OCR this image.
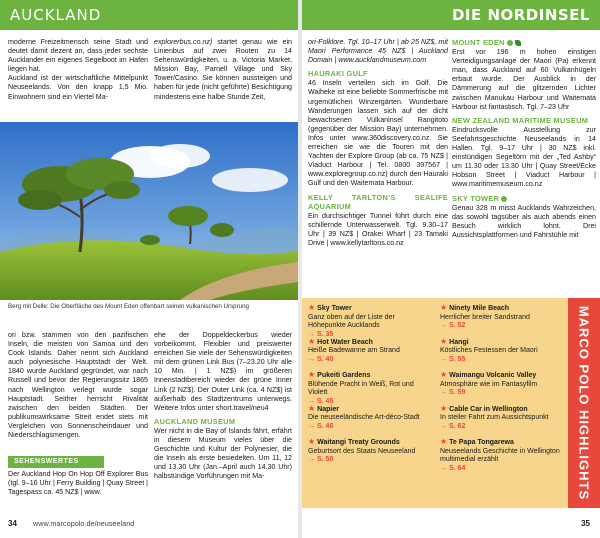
AUCKLAND

moderne Freizeitmensch seine Stadt und deutet damit dezent an, dass jeder sechste Aucklander ein eigenes Segelboot im Hafen liegen hat.

Auckland ist der wirtschaftliche Mittelpunkt Neuseelands. Von den knapp 1,5 Mio. Einwohnern sind ein Viertel Ma-

explorerbus.co.nz) startet genau wie ein Linienbus auf zwei Routen zu 14 Sehenswürdigkeiten, u. a. Victoria Market, Mission Bay, Parnell Village und Sky Tower/Casino. Sie können aussteigen und haben für jede (nicht geführte) Besichtigung mindestens eine halbe Stunde Zeit,

Berg mit Delle: Die Oberfläche des Mount Eden offenbart seinen vulkanischen Ursprung
ori bzw. stammen von den pazifischen Inseln, die meisten von Samoa und den Cook Islands. Daher nennt sich Auckland auch polynesische Hauptstadt der Welt. 1840 wurde Auckland gegründet, war nach Russell und bevor der Regierungssitz 1865 nach Wellington verlegt wurde sogar Hauptstadt. Seither herrscht Rivalität zwischen den beiden Städten. Der publikumswirksame Streit endet stets mit Vergleichen von Sonnenscheindauer und Niederschlagsmengen.

ehe der Doppeldeckerbus wieder vorbeikommt. Flexibler und preiswerter erreichen Sie viele der Sehenswürdigkeiten mit dem grünen Link Bus (7–23.20 Uhr alle 10 Min. | 1 NZ$) im größeren Innenstadtbereich wieder der grüne Inner Link (2 NZ$). Der Outer Link (ca. 4 NZ$) ist außerhalb des Stadtzentrums unterwegs. Weitere Infos unter short.travel/neu4

AUCKLAND MUSEUM

Wer nicht in die Bay of Islands fährt, erfährt in diesem Museum vieles über die Geschichte und Kultur der Polynesier, die die Inseln als erste besiedelten. Um 11, 12 und 13.30 Uhr (Jan.–April auch 14.30 Uhr) halbstündige Vorführungen mit Ma-

SEHENSWERTES
Der Auckland Hop On Hop Off Explorer Bus (tgl. 9–16 Uhr | Ferry Building | Quay Street | Tagespass ca. 45 NZ$ | www.
34 www.marcopolo.de/neuseeland
DIE NORDINSEL

ori-Folklore. Tgl. 10–17 Uhr | ab 25 NZ$, mit Maori Performance 45 NZ$ | Auckland Domain | www.aucklandmuseum.com

HAURAKI GULF

46 Inseln verteilen sich im Golf. Die Waiheke ist eine beliebte Sommerfrische mit urgemütlichen Winzergärten. Wunderbare Wanderungen lassen sich auf der dicht bewachsenen Vulkaninsel Rangitoto (gegenüber der Mission Bay) unternehmen. Infos unter www.360discovery.co.nz. Sie erreichen sie wie die Touren mit den Yachten der Explore Group (ab ca. 75 NZ$ | Viaduct Harbour | Tel. 0800 397567 | www.exploregroup.co.nz) durch den Hauraki Gulf und den Waitemata Harbour.

KELLY TARLTON’S SEALIFE AQUARIUM

Ein durchsichtiger Tunnel führt durch eine schillernde Unterwasserwelt. Tgl. 9.30–17 Uhr | 39 NZ$ | Orakei Wharf | 23 Tamaki Drive | www.kellytarltons.co.nz

MOUNT EDEN

Erst vor 196 m hohen einstigen Verteidigungsanlage der Maori (Pa) erkennt man, dass Auckland auf 60 Vulkanhügeln erbaut wurde. Der Ausblick in der Dämmerung auf die glitzernden Lichter zwischen Manukau Harbour und Waitemata Harbour ist fantastisch. Tgl. 7–23 Uhr

NEW ZEALAND MARITIME MUSEUM

Eindrucksvolle Ausstellung zur Seefahrtsgeschichte Neuseelands in 14 Hallen. Tgl. 9–17 Uhr | 30 NZ$ inkl. einstündigen Segeltörn mit der „Ted Ashby“ um 11.30 oder 13.30 Uhr | Quay Street/Ecke Hobson Street | Viaduct Harbour | www.maritimemuseum.co.nz

SKY TOWER

Genau 328 m misst Aucklands Wahrzeichen, das sowohl tagsüber als auch abends einen Besuch wirklich lohnt. Drei Aussichtsplattformen und Fahrstühle mit

★ Sky Tower
Ganz oben auf der Liste der Höhepunkte Aucklands
→ S. 35
★ Hot Water Beach
Heiße Badewanne am Strand
→ S. 40
★ Pukeiti Gardens
Blühende Pracht in Weiß, Rot und Violett
→ S. 45
★ Napier
Die neuseeländische Art-déco-Stadt
→ S. 46
★ Waitangi Treaty Grounds
Geburtsort des Staats Neuseeland
→ S. 50
★ Ninety Mile Beach
Herrlicher breiter Sandstrand
→ S. 52
★ Hangi
Köstliches Festessen der Maori
→ S. 55
★ Waimangu Volcanic Valley
Atmosphäre wie im Fantasyfilm
→ S. 59
★ Cable Car in Wellington
In steiler Fahrt zum Aussichtspunkt
→ S. 62
★ Te Papa Tongarewa
Neuseelands Geschichte in Wellington multimedial erzählt
→ S. 64	MARCO POLO HIGHLIGHTS
35
